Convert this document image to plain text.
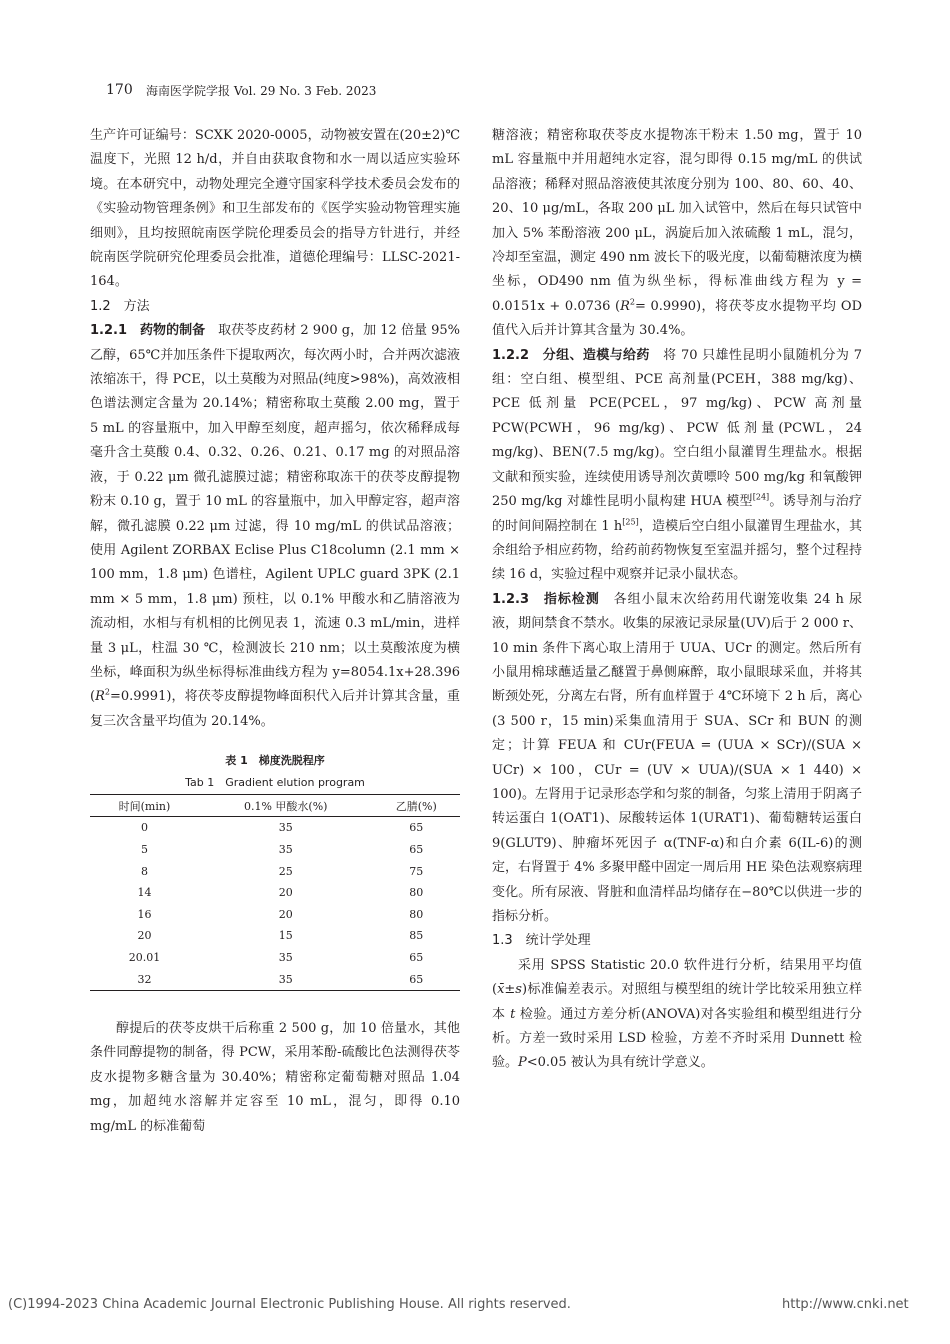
170 海南医学院学报 Vol. 29 No. 3 Feb. 2023

生产许可证编号：SCXK 2020-0005，动物被安置在(20±2)℃温度下，光照 12 h/d，并自由获取食物和水一周以适应实验环境。在本研究中，动物处理完全遵守国家科学技术委员会发布的《实验动物管理条例》和卫生部发布的《医学实验动物管理实施细则》，且均按照皖南医学院伦理委员会的指导方针进行，并经皖南医学院研究伦理委员会批准，道德伦理编号：LLSC-2021-164。

1.2　方法

1.2.1　药物的制备　取茯苓皮药材 2 900 g，加 12 倍量 95% 乙醇，65℃并加压条件下提取两次，每次两小时，合并两次滤液浓缩冻干，得 PCE，以土莫酸为对照品(纯度>98%)，高效液相色谱法测定含量为 20.14%；精密称取土莫酸 2.00 mg，置于 5 mL 的容量瓶中，加入甲醇至刻度，超声摇匀，依次稀释成每毫升含土莫酸 0.4、0.32、0.26、0.21、0.17 mg 的对照品溶液，于 0.22 μm 微孔滤膜过滤；精密称取冻干的茯苓皮醇提物粉末 0.10 g，置于 10 mL 的容量瓶中，加入甲醇定容，超声溶解，微孔滤膜 0.22 μm 过滤，得 10 mg/mL 的供试品溶液；使用 Agilent ZORBAX Eclise Plus C18column (2.1 mm × 100 mm，1.8 μm) 色谱柱，Agilent UPLC guard 3PK (2.1 mm × 5 mm，1.8 μm) 预柱，以 0.1% 甲酸水和乙腈溶液为流动相，水相与有机相的比例见表 1，流速 0.3 mL/min，进样量 3 μL，柱温 30 ℃，检测波长 210 nm；以土莫酸浓度为横坐标，峰面积为纵坐标得标准曲线方程为 y=8054.1x+28.396 $(R^2=0.9991)$，将茯苓皮醇提物峰面积代入后并计算其含量，重复三次含量平均值为 20.14%。

表 1　梯度洗脱程序
Tab 1　Gradient elution program
时间(min)	0.1% 甲酸水(%)	乙腈(%)
0	35	65
5	35	65
8	25	75
14	20	80
16	20	80
20	15	85
20.01	35	65
32	35	65

醇提后的茯苓皮烘干后称重 2 500 g，加 10 倍量水，其他条件同醇提物的制备，得 PCW，采用苯酚-硫酸比色法测得茯苓皮水提物多糖含量为 30.40%；精密称定葡萄糖对照品 1.04 mg，加超纯水溶解并定容至 10 mL，混匀，即得 0.10 mg/mL 的标准葡萄

糖溶液；精密称取茯苓皮水提物冻干粉末 1.50 mg，置于 10 mL 容量瓶中并用超纯水定容，混匀即得 0.15 mg/mL 的供试品溶液；稀释对照品溶液使其浓度分别为 100、80、60、40、20、10 μg/mL，各取 200 μL 加入试管中，然后在每只试管中加入 5% 苯酚溶液 200 μL，涡旋后加入浓硫酸 1 mL，混匀，冷却至室温，测定 490 nm 波长下的吸光度，以葡萄糖浓度为横坐标，OD490 nm 值为纵坐标，得标准曲线方程为 y = 0.0151x + 0.0736 $(R^2= 0.9990)$，将茯苓皮水提物平均 OD 值代入后并计算其含量为 30.4%。

1.2.2　分组、造模与给药　将 70 只雄性昆明小鼠随机分为 7 组：空白组、模型组、PCE 高剂量(PCEH，388 mg/kg)、PCE 低剂量 PCE(PCEL，97 mg/kg)、PCW 高剂量 PCW(PCWH，96 mg/kg)、PCW 低剂量(PCWL，24 mg/kg)、BEN(7.5 mg/kg)。空白组小鼠灌胃生理盐水。根据文献和预实验，连续使用诱导剂次黄嘌呤 500 mg/kg 和氧酸钾 250 mg/kg 对雄性昆明小鼠构建 HUA 模型[24]。诱导剂与治疗的时间间隔控制在 1 h[25]，造模后空白组小鼠灌胃生理盐水，其余组给予相应药物，给药前药物恢复至室温并摇匀，整个过程持续 16 d，实验过程中观察并记录小鼠状态。

1.2.3　指标检测　各组小鼠末次给药用代谢笼收集 24 h 尿液，期间禁食不禁水。收集的尿液记录尿量(UV)后于 2 000 r、10 min 条件下离心取上清用于 UUA、UCr 的测定。然后所有小鼠用棉球蘸适量乙醚置于鼻侧麻醉，取小鼠眼球采血，并将其断颈处死，分离左右肾，所有血样置于 4℃环境下 2 h 后，离心(3 500 r，15 min)采集血清用于 SUA、SCr 和 BUN 的测定；计算 FEUA 和 CUr(FEUA = (UUA × SCr)/(SUA × UCr) × 100，CUr = (UV × UUA)/(SUA × 1 440) × 100)。左肾用于记录形态学和匀浆的制备，匀浆上清用于阴离子转运蛋白 1(OAT1)、尿酸转运体 1(URAT1)、葡萄糖转运蛋白 9(GLUT9)、肿瘤坏死因子 α(TNF-α)和白介素 6(IL-6)的测定，右肾置于 4% 多聚甲醛中固定一周后用 HE 染色法观察病理变化。所有尿液、肾脏和血清样品均储存在−80℃以供进一步的指标分析。

1.3　统计学处理

采用 SPSS Statistic 20.0 软件进行分析，结果用平均值(x̄±s)标准偏差表示。对照组与模型组的统计学比较采用独立样本 t 检验。通过方差分析(ANOVA)对各实验组和模型组进行分析。方差一致时采用 LSD 检验，方差不齐时采用 Dunnett 检验。P<0.05 被认为具有统计学意义。

(C)1994-2023 China Academic Journal Electronic Publishing House. All rights reserved.	http://www.cnki.net
